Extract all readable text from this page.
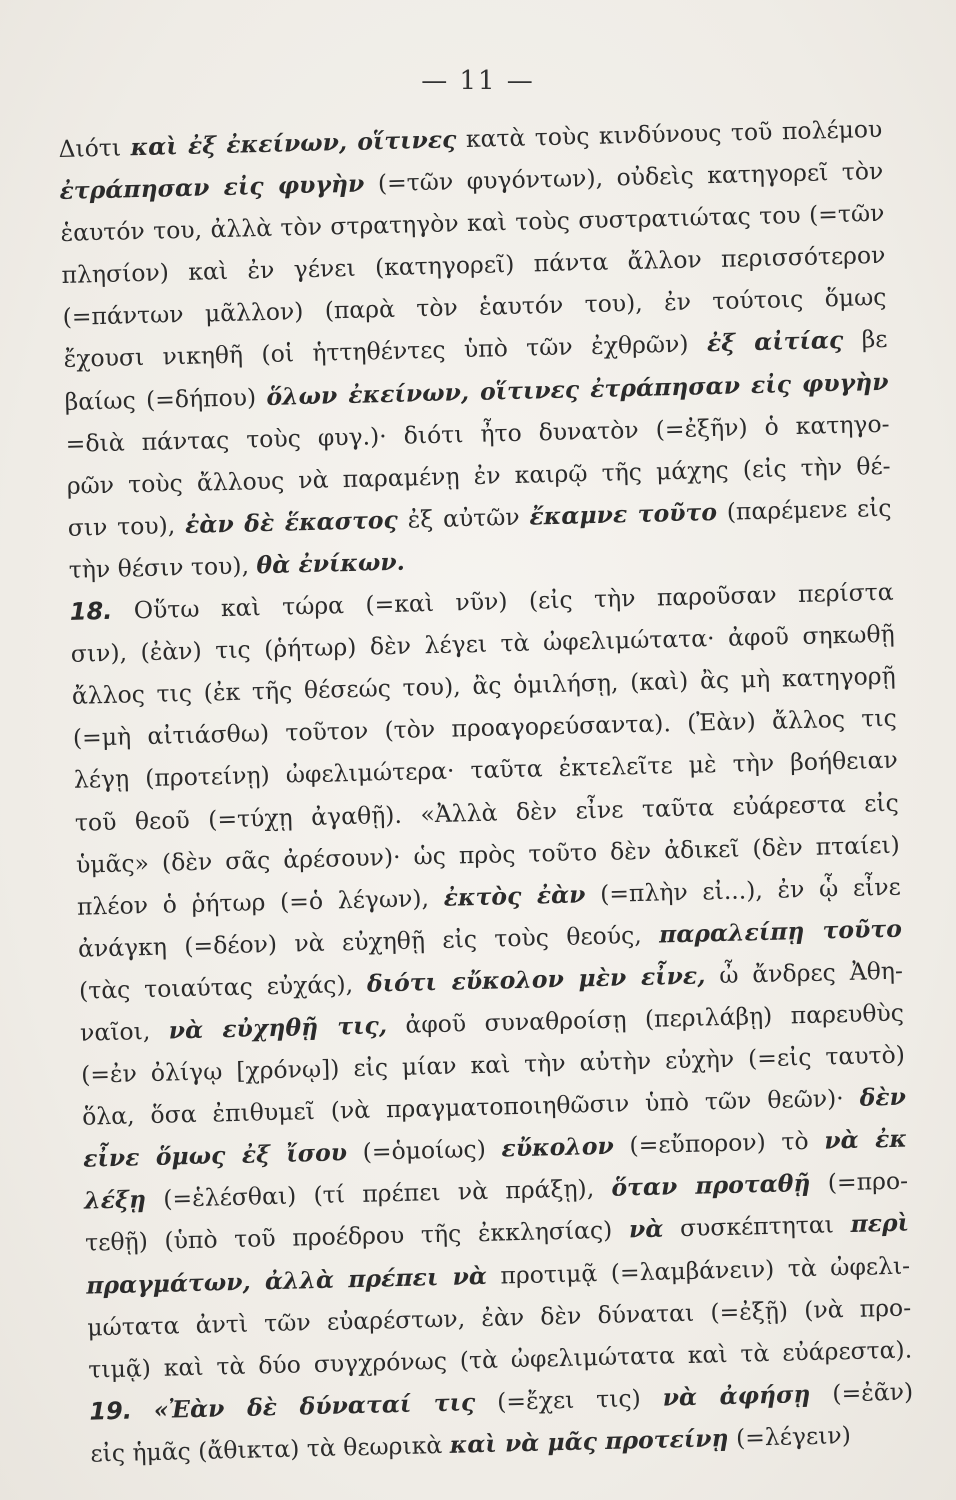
— 11 —
Διότι καὶ ἐξ ἐκείνων, οἵτινες κατὰ τοὺς κινδύνους τοῦ πολέμου
ἐτράπησαν εἰς φυγὴν (=τῶν φυγόντων), οὐδεὶς κατηγορεῖ τὸν
ἑαυτόν του, ἀλλὰ τὸν στρατηγὸν καὶ τοὺς συστρατιώτας του (=τῶν
πλησίον) καὶ ἐν γένει (κατηγορεῖ) πάντα ἄλλον περισσότερον
(=πάντων μᾶλλον) (παρὰ τὸν ἑαυτόν του), ἐν τούτοις ὅμως
ἔχουσι νικηθῆ (οἱ ἡττηθέντες ὑπὸ τῶν ἐχθρῶν) ἐξ αἰτίας βε
βαίως (=δήπου) ὅλων ἐκείνων, οἵτινες ἐτράπησαν εἰς φυγὴν
=διὰ πάντας τοὺς φυγ.)· διότι ἦτο δυνατὸν (=ἐξῆν) ὁ κατηγο-
ρῶν τοὺς ἄλλους νὰ παραμένῃ ἐν καιρῷ τῆς μάχης (εἰς τὴν θέ-
σιν του), ἐὰν δὲ ἕκαστος ἐξ αὐτῶν ἔκαμνε τοῦτο (παρέμενε εἰς
τὴν θέσιν του), θὰ ἐνίκων.
18. Οὕτω καὶ τώρα (=καὶ νῦν) (εἰς τὴν παροῦσαν περίστα
σιν), (ἐὰν) τις (ῥήτωρ) δὲν λέγει τὰ ὠφελιμώτατα· ἀφοῦ σηκωθῇ
ἄλλος τις (ἐκ τῆς θέσεώς του), ἂς ὁμιλήσῃ, (καὶ) ἂς μὴ κατηγορῇ
(=μὴ αἰτιάσθω) τοῦτον (τὸν προαγορεύσαντα). (Ἐὰν) ἄλλος τις
λέγῃ (προτείνῃ) ὠφελιμώτερα· ταῦτα ἐκτελεῖτε μὲ τὴν βοήθειαν
τοῦ θεοῦ (=τύχῃ ἀγαθῇ). «Ἀλλὰ δὲν εἶνε ταῦτα εὐάρεστα εἰς
ὑμᾶς» (δὲν σᾶς ἀρέσουν)· ὡς πρὸς τοῦτο δὲν ἀδικεῖ (δὲν πταίει)
πλέον ὁ ῥήτωρ (=ὁ λέγων), ἐκτὸς ἐὰν (=πλὴν εἰ...), ἐν ᾧ εἶνε
ἀνάγκη (=δέον) νὰ εὐχηθῇ εἰς τοὺς θεούς, παραλείπῃ τοῦτο
(τὰς τοιαύτας εὐχάς), διότι εὔκολον μὲν εἶνε, ὦ ἄνδρες Ἀθη-
ναῖοι, νὰ εὐχηθῇ τις, ἀφοῦ συναθροίσῃ (περιλάβῃ) παρευθὺς
(=ἐν ὀλίγῳ [χρόνῳ]) εἰς μίαν καὶ τὴν αὐτὴν εὐχὴν (=εἰς ταυτὸ)
ὅλα, ὅσα ἐπιθυμεῖ (νὰ πραγματοποιηθῶσιν ὑπὸ τῶν θεῶν)· δὲν
εἶνε ὅμως ἐξ ἴσου (=ὁμοίως) εὔκολον (=εὔπορον) τὸ νὰ ἐκ
λέξῃ (=ἑλέσθαι) (τί πρέπει νὰ πράξῃ), ὅταν προταθῇ (=προ-
τεθῇ) (ὑπὸ τοῦ προέδρου τῆς ἐκκλησίας) νὰ συσκέπτηται περὶ
πραγμάτων, ἀλλὰ πρέπει νὰ προτιμᾷ (=λαμβάνειν) τὰ ὠφελι-
μώτατα ἀντὶ τῶν εὐαρέστων, ἐὰν δὲν δύναται (=ἐξῇ) (νὰ προ-
τιμᾷ) καὶ τὰ δύο συγχρόνως (τὰ ὠφελιμώτατα καὶ τὰ εὐάρεστα).
19. «Ἐὰν δὲ δύναταί τις (=ἔχει τις) νὰ ἀφήσῃ (=ἐᾶν)
εἰς ἡμᾶς (ἄθικτα) τὰ θεωρικὰ καὶ νὰ μᾶς προτείνῃ (=λέγειν)
